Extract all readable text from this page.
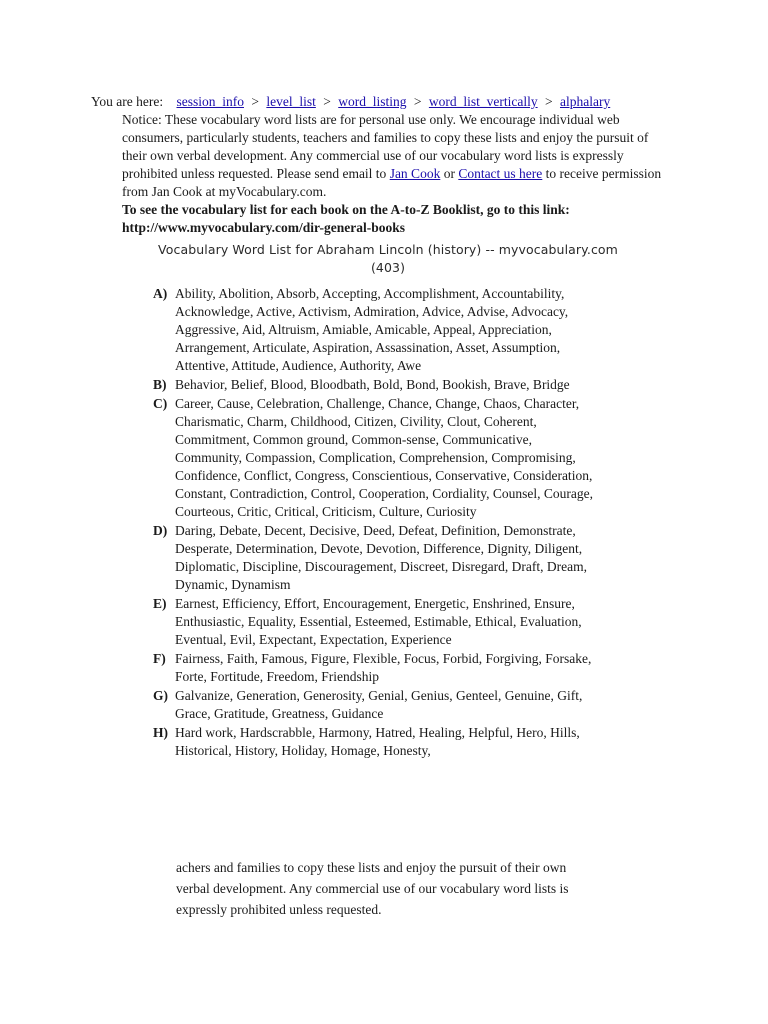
You are here: session_info > level_list > word_listing > word_list_vertically > alphalary
Notice: These vocabulary word lists are for personal use only. We encourage individual web consumers, particularly students, teachers and families to copy these lists and enjoy the pursuit of their own verbal development. Any commercial use of our vocabulary word lists is expressly prohibited unless requested. Please send email to Jan Cook or Contact us here to receive permission from Jan Cook at myVocabulary.com.
To see the vocabulary list for each book on the A-to-Z Booklist, go to this link: http://www.myvocabulary.com/dir-general-books
Vocabulary Word List for Abraham Lincoln (history) -- myvocabulary.com
(403)
A) Ability, Abolition, Absorb, Accepting, Accomplishment, Accountability, Acknowledge, Active, Activism, Admiration, Advice, Advise, Advocacy, Aggressive, Aid, Altruism, Amiable, Amicable, Appeal, Appreciation, Arrangement, Articulate, Aspiration, Assassination, Asset, Assumption, Attentive, Attitude, Audience, Authority, Awe
B) Behavior, Belief, Blood, Bloodbath, Bold, Bond, Bookish, Brave, Bridge
C) Career, Cause, Celebration, Challenge, Chance, Change, Chaos, Character, Charismatic, Charm, Childhood, Citizen, Civility, Clout, Coherent, Commitment, Common ground, Common-sense, Communicative, Community, Compassion, Complication, Comprehension, Compromising, Confidence, Conflict, Congress, Conscientious, Conservative, Consideration, Constant, Contradiction, Control, Cooperation, Cordiality, Counsel, Courage, Courteous, Critic, Critical, Criticism, Culture, Curiosity
D) Daring, Debate, Decent, Decisive, Deed, Defeat, Definition, Demonstrate, Desperate, Determination, Devote, Devotion, Difference, Dignity, Diligent, Diplomatic, Discipline, Discouragement, Discreet, Disregard, Draft, Dream, Dynamic, Dynamism
E) Earnest, Efficiency, Effort, Encouragement, Energetic, Enshrined, Ensure, Enthusiastic, Equality, Essential, Esteemed, Estimable, Ethical, Evaluation, Eventual, Evil, Expectant, Expectation, Experience
F) Fairness, Faith, Famous, Figure, Flexible, Focus, Forbid, Forgiving, Forsake, Forte, Fortitude, Freedom, Friendship
G) Galvanize, Generation, Generosity, Genial, Genius, Genteel, Genuine, Gift, Grace, Gratitude, Greatness, Guidance
H) Hard work, Hardscrabble, Harmony, Hatred, Healing, Helpful, Hero, Hills, Historical, History, Holiday, Homage, Honesty,
achers and families to copy these lists and enjoy the pursuit of their own verbal development. Any commercial use of our vocabulary word lists is expressly prohibited unless requested.
